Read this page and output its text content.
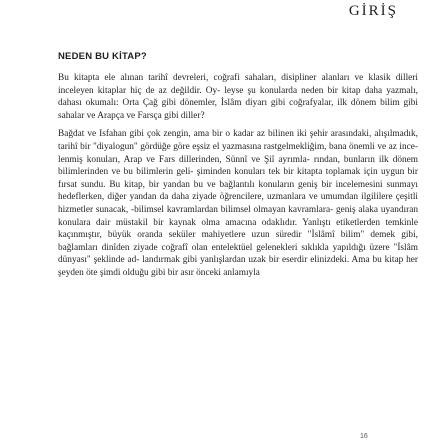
GİRİŞ
NEDEN BU KİTAP?

Bu kitapta ele alınan tarihî devreleri, coğrafi sahaları, disipliner alanları ve klasik dilleri inceleyen kitaplar hiç de az değildir. Oy- leyse şu konularda neden bir kitap daha yazmalı, dahası okumalı: Orta Çağ gibi dönemler, İslâm diyarı gibi coğrafyalar, ilk dönem bilim gibi sahalar ve Arapça ve Farsça gibi diller?

Bağdat ve Isfahan gibi çok zengin, ama bir o kadar az bilinen iki şehir arasındaki, alışılmadık, tarihî bir "diyalogun" gördüğe göre eşsiz el yazmasına rastgelmekliğim, bana önemli ve az ince- lenmiş konuları, Arap ve Fars dillerinden, Sünnî ve Şiî ayrımla- rından, bunların ilk dönem bilimlerinden ve bu bilimlerin geli- şiminden konuları tek bir kitapta toplamak için uygun bir fırsat sundu. Bu kitap, bir yandan bu ve bağlantılı konuların geniş bir incelemesini sunmayı hedeflerken, diğer yandan da daha ziyade öğrencilere, uzmanlara ve umumdan ilgililere çeşitli hizmetler sunacak, -bilimsel kavramlardan bilimsel olmayan kavramlara- geniş alaka uyandıran konulara dair müstakil bir kaynak olma amacına odaklıdır. Yanlıştı etiketlerden temkinle kaçınmıştır, büyük oranda seküler mahiyetlere uzun süredir "İslâmî bilim" demek gibi, bağlamları dinîden ziyade coğrafî olan entelektüel gelenekleri sıklıkla yapıldığı üzere "İslâm dünyası" şeklinde ad- landırmak gibi yanlışlardan uzak bir eserdir elinizdeki. Ama bu kitap her şeyden öte şimdi olduğu gibi bir asır önceki anlamıyla

16
